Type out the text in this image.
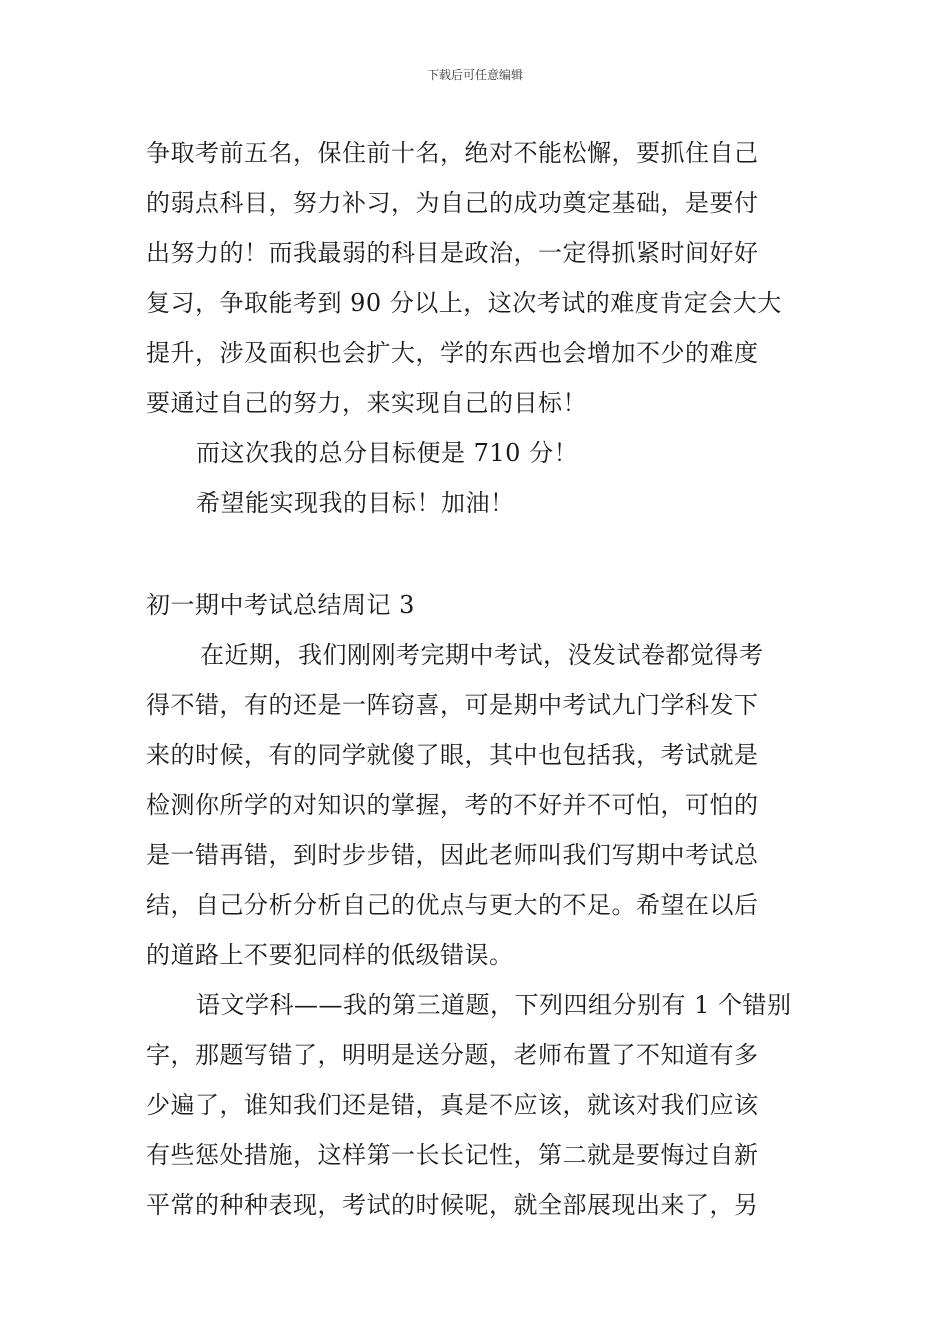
下载后可任意编辑
争取考前五名，保住前十名，绝对不能松懈，要抓住自己
的弱点科目，努力补习，为自己的成功奠定基础，是要付
出努力的！而我最弱的科目是政治，一定得抓紧时间好好
复习，争取能考到 90 分以上，这次考试的难度肯定会大大
提升，涉及面积也会扩大，学的东西也会增加不少的难度
要通过自己的努力，来实现自己的目标！
而这次我的总分目标便是 710 分！
希望能实现我的目标！加油！
初一期中考试总结周记 3
在近期，我们刚刚考完期中考试，没发试卷都觉得考
得不错，有的还是一阵窃喜，可是期中考试九门学科发下
来的时候，有的同学就傻了眼，其中也包括我，考试就是
检测你所学的对知识的掌握，考的不好并不可怕，可怕的
是一错再错，到时步步错，因此老师叫我们写期中考试总
结，自己分析分析自己的优点与更大的不足。希望在以后
的道路上不要犯同样的低级错误。
语文学科——我的第三道题，下列四组分别有 1 个错别
字，那题写错了，明明是送分题，老师布置了不知道有多
少遍了，谁知我们还是错，真是不应该，就该对我们应该
有些惩处措施，这样第一长长记性，第二就是要悔过自新
平常的种种表现，考试的时候呢，就全部展现出来了，另
